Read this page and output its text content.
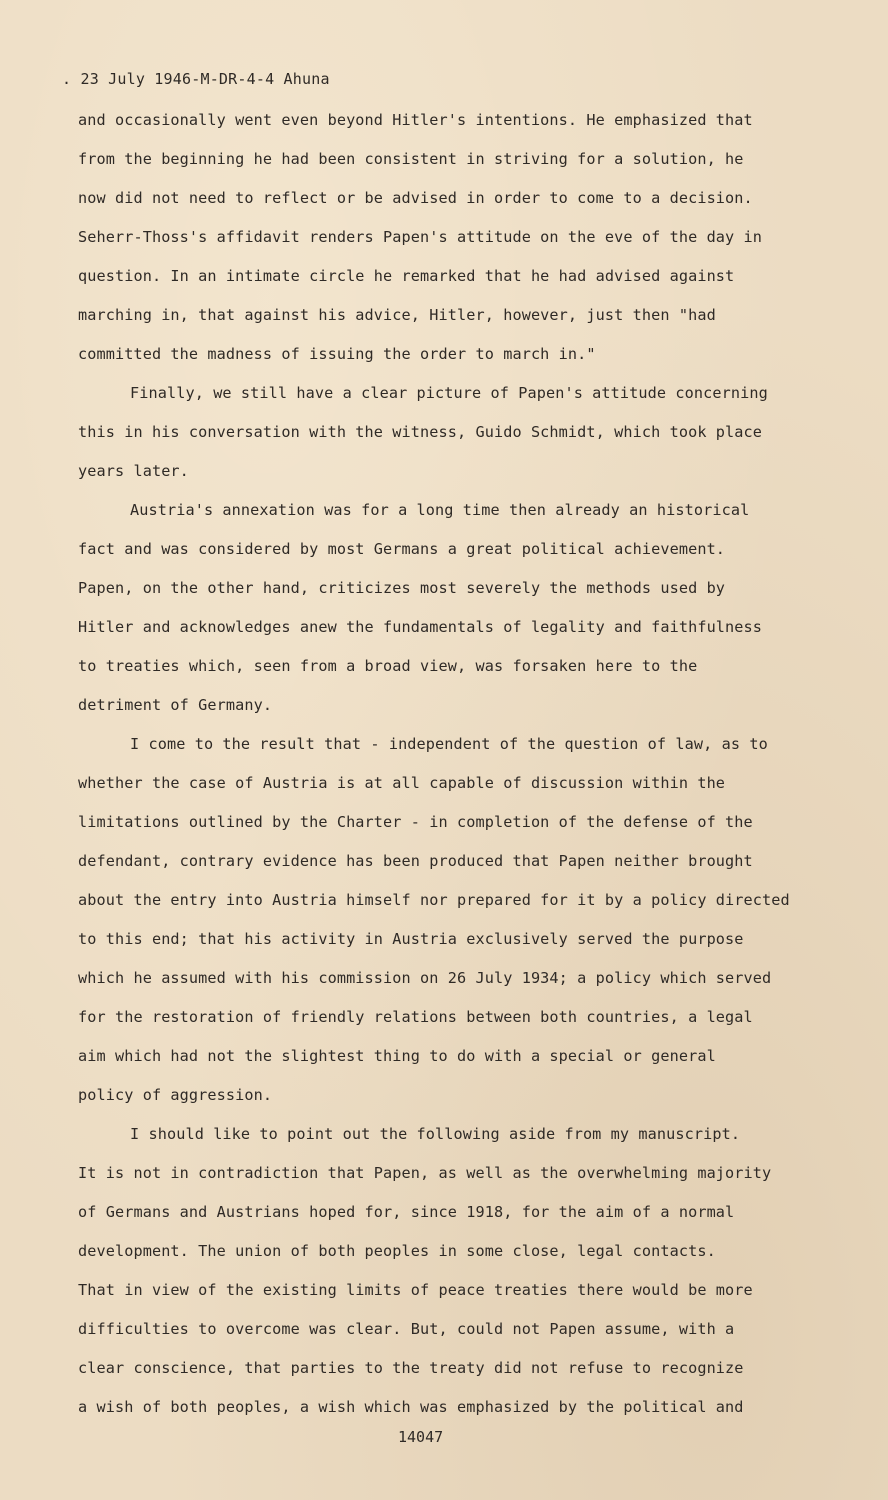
. 23 July 1946-M-DR-4-4 Ahuna
and occasionally went even beyond Hitler's intentions. He emphasized that
from the beginning he had been consistent in striving for a solution, he
now did not need to reflect or be advised in order to come to a decision.
Seherr-Thoss's affidavit renders Papen's attitude on the eve of the day in
question. In an intimate circle he remarked that he had advised against
marching in, that against his advice, Hitler, however, just then "had
committed the madness of issuing the order to march in."
Finally, we still have a clear picture of Papen's attitude concerning
this in his conversation with the witness, Guido Schmidt, which took place
years later.
Austria's annexation was for a long time then already an historical
fact and was considered by most Germans a great political achievement.
Papen, on the other hand, criticizes most severely the methods used by
Hitler and acknowledges anew the fundamentals of legality and faithfulness
to treaties which, seen from a broad view, was forsaken here to the
detriment of Germany.
I come to the result that - independent of the question of law, as to
whether the case of Austria is at all capable of discussion within the
limitations outlined by the Charter - in completion of the defense of the
defendant, contrary evidence has been produced that Papen neither brought
about the entry into Austria himself nor prepared for it by a policy directed
to this end; that his activity in Austria exclusively served the purpose
which he assumed with his commission on 26 July 1934; a policy which served
for the restoration of friendly relations between both countries, a legal
aim which had not the slightest thing to do with a special or general
policy of aggression.
I should like to point out the following aside from my manuscript.
It is not in contradiction that Papen, as well as the overwhelming majority
of Germans and Austrians hoped for, since 1918, for the aim of a normal
development. The union of both peoples in some close, legal contacts.
That in view of the existing limits of peace treaties there would be more
difficulties to overcome was clear. But, could not Papen assume, with a
clear conscience, that parties to the treaty did not refuse to recognize
a wish of both peoples, a wish which was emphasized by the political and
14047
